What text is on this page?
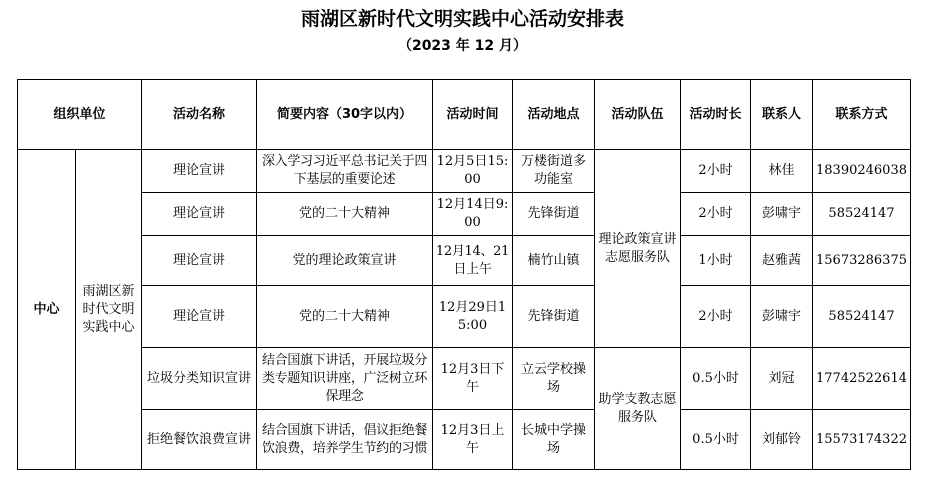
雨湖区新时代文明实践中心活动安排表
（2023 年 12 月）
组织单位		活动名称	简要内容（30字以内）	活动时间	活动地点	活动队伍	活动时长	联系人	联系方式
中心	雨湖区新时代文明实践中心	理论宣讲	深入学习习近平总书记关于四下基层的重要论述	12月5日15:00	万楼街道多功能室	理论政策宣讲志愿服务队	2小时	林佳	18390246038
		理论宣讲	党的二十大精神	12月14日9:00	先锋街道		2小时	彭啸宇	58524147
		理论宣讲	党的理论政策宣讲	12月14、21日上午	楠竹山镇		1小时	赵雅茜	15673286375
		理论宣讲	党的二十大精神	12月29日15:00	先锋街道		2小时	彭啸宇	58524147
		垃圾分类知识宣讲	结合国旗下讲话，开展垃圾分类专题知识讲座，广泛树立环保理念	12月3日下午	立云学校操场	助学支教志愿服务队	0.5小时	刘冠	17742522614
		拒绝餐饮浪费宣讲	结合国旗下讲话，倡议拒绝餐饮浪费，培养学生节约的习惯	12月3日上午	长城中学操场		0.5小时	刘郁铃	15573174322
